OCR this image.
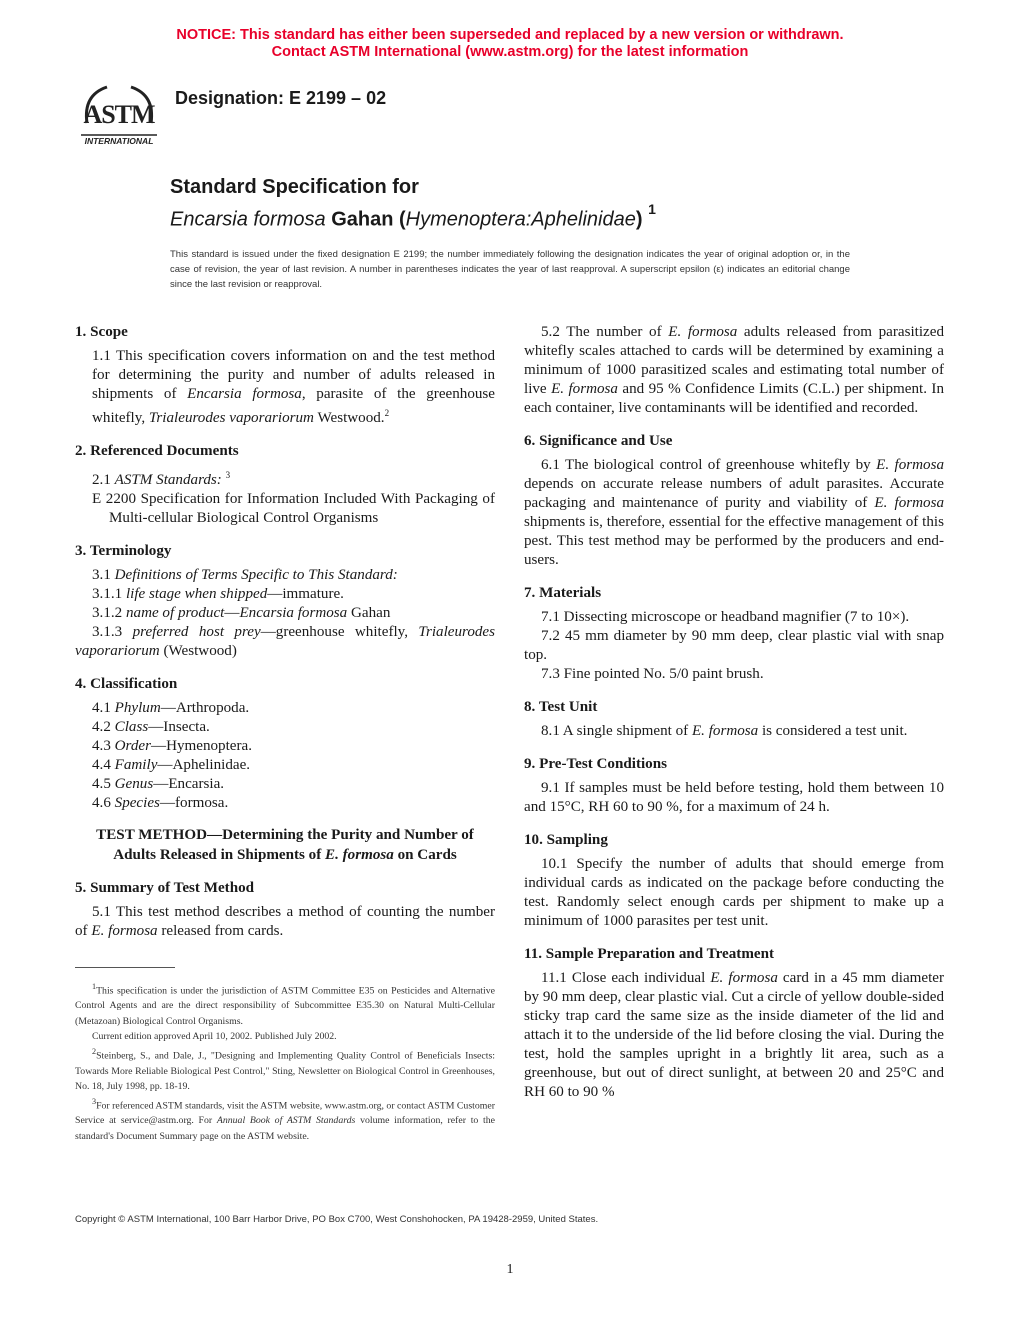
NOTICE: This standard has either been superseded and replaced by a new version or withdrawn.
Contact ASTM International (www.astm.org) for the latest information
ASTM
INTERNATIONAL
Designation: E 2199 – 02
Standard Specification for
Encarsia formosa Gahan (Hymenoptera:Aphelinidae) $^1$
This standard is issued under the fixed designation E 2199; the number immediately following the designation indicates the year of original adoption or, in the case of revision, the year of last revision. A number in parentheses indicates the year of last reapproval. A superscript epsilon (ε) indicates an editorial change since the last revision or reapproval.

1. Scope

1.1 This specification covers information on and the test method for determining the purity and number of adults released in shipments of Encarsia formosa, parasite of the greenhouse whitefly, Trialeurodes vaporariorum Westwood.$^2$

2. Referenced Documents

2.1 ASTM Standards: $^3$

E 2200 Specification for Information Included With Packaging of Multi-cellular Biological Control Organisms

3. Terminology

3.1 Definitions of Terms Specific to This Standard:

3.1.1 life stage when shipped—immature.

3.1.2 name of product—Encarsia formosa Gahan

3.1.3 preferred host prey—greenhouse whitefly, Trialeurodes vaporariorum (Westwood)

4. Classification

4.1 Phylum—Arthropoda.

4.2 Class—Insecta.

4.3 Order—Hymenoptera.

4.4 Family—Aphelinidae.

4.5 Genus—Encarsia.

4.6 Species—formosa.

TEST METHOD—Determining the Purity and Number of Adults Released in Shipments of E. formosa on Cards

5. Summary of Test Method

5.1 This test method describes a method of counting the number of E. formosa released from cards.

$^1$This specification is under the jurisdiction of ASTM Committee E35 on Pesticides and Alternative Control Agents and are the direct responsibility of Subcommittee E35.30 on Natural Multi-Cellular (Metazoan) Biological Control Organisms.

Current edition approved April 10, 2002. Published July 2002.

$^2$Steinberg, S., and Dale, J., "Designing and Implementing Quality Control of Beneficials Insects: Towards More Reliable Biological Pest Control," Sting, Newsletter on Biological Control in Greenhouses, No. 18, July 1998, pp. 18-19.

$^3$For referenced ASTM standards, visit the ASTM website, www.astm.org, or contact ASTM Customer Service at service@astm.org. For Annual Book of ASTM Standards volume information, refer to the standard's Document Summary page on the ASTM website.

5.2 The number of E. formosa adults released from parasitized whitefly scales attached to cards will be determined by examining a minimum of 1000 parasitized scales and estimating total number of live E. formosa and 95 % Confidence Limits (C.L.) per shipment. In each container, live contaminants will be identified and recorded.

6. Significance and Use

6.1 The biological control of greenhouse whitefly by E. formosa depends on accurate release numbers of adult parasites. Accurate packaging and maintenance of purity and viability of E. formosa shipments is, therefore, essential for the effective management of this pest. This test method may be performed by the producers and end-users.

7. Materials

7.1 Dissecting microscope or headband magnifier (7 to 10×).

7.2 45 mm diameter by 90 mm deep, clear plastic vial with snap top.

7.3 Fine pointed No. 5/0 paint brush.

8. Test Unit

8.1 A single shipment of E. formosa is considered a test unit.

9. Pre-Test Conditions

9.1 If samples must be held before testing, hold them between 10 and 15°C, RH 60 to 90 %, for a maximum of 24 h.

10. Sampling

10.1 Specify the number of adults that should emerge from individual cards as indicated on the package before conducting the test. Randomly select enough cards per shipment to make up a minimum of 1000 parasites per test unit.

11. Sample Preparation and Treatment

11.1 Close each individual E. formosa card in a 45 mm diameter by 90 mm deep, clear plastic vial. Cut a circle of yellow double-sided sticky trap card the same size as the inside diameter of the lid and attach it to the underside of the lid before closing the vial. During the test, hold the samples upright in a brightly lit area, such as a greenhouse, but out of direct sunlight, at between 20 and 25°C and RH 60 to 90 %

Copyright © ASTM International, 100 Barr Harbor Drive, PO Box C700, West Conshohocken, PA 19428-2959, United States.
1
